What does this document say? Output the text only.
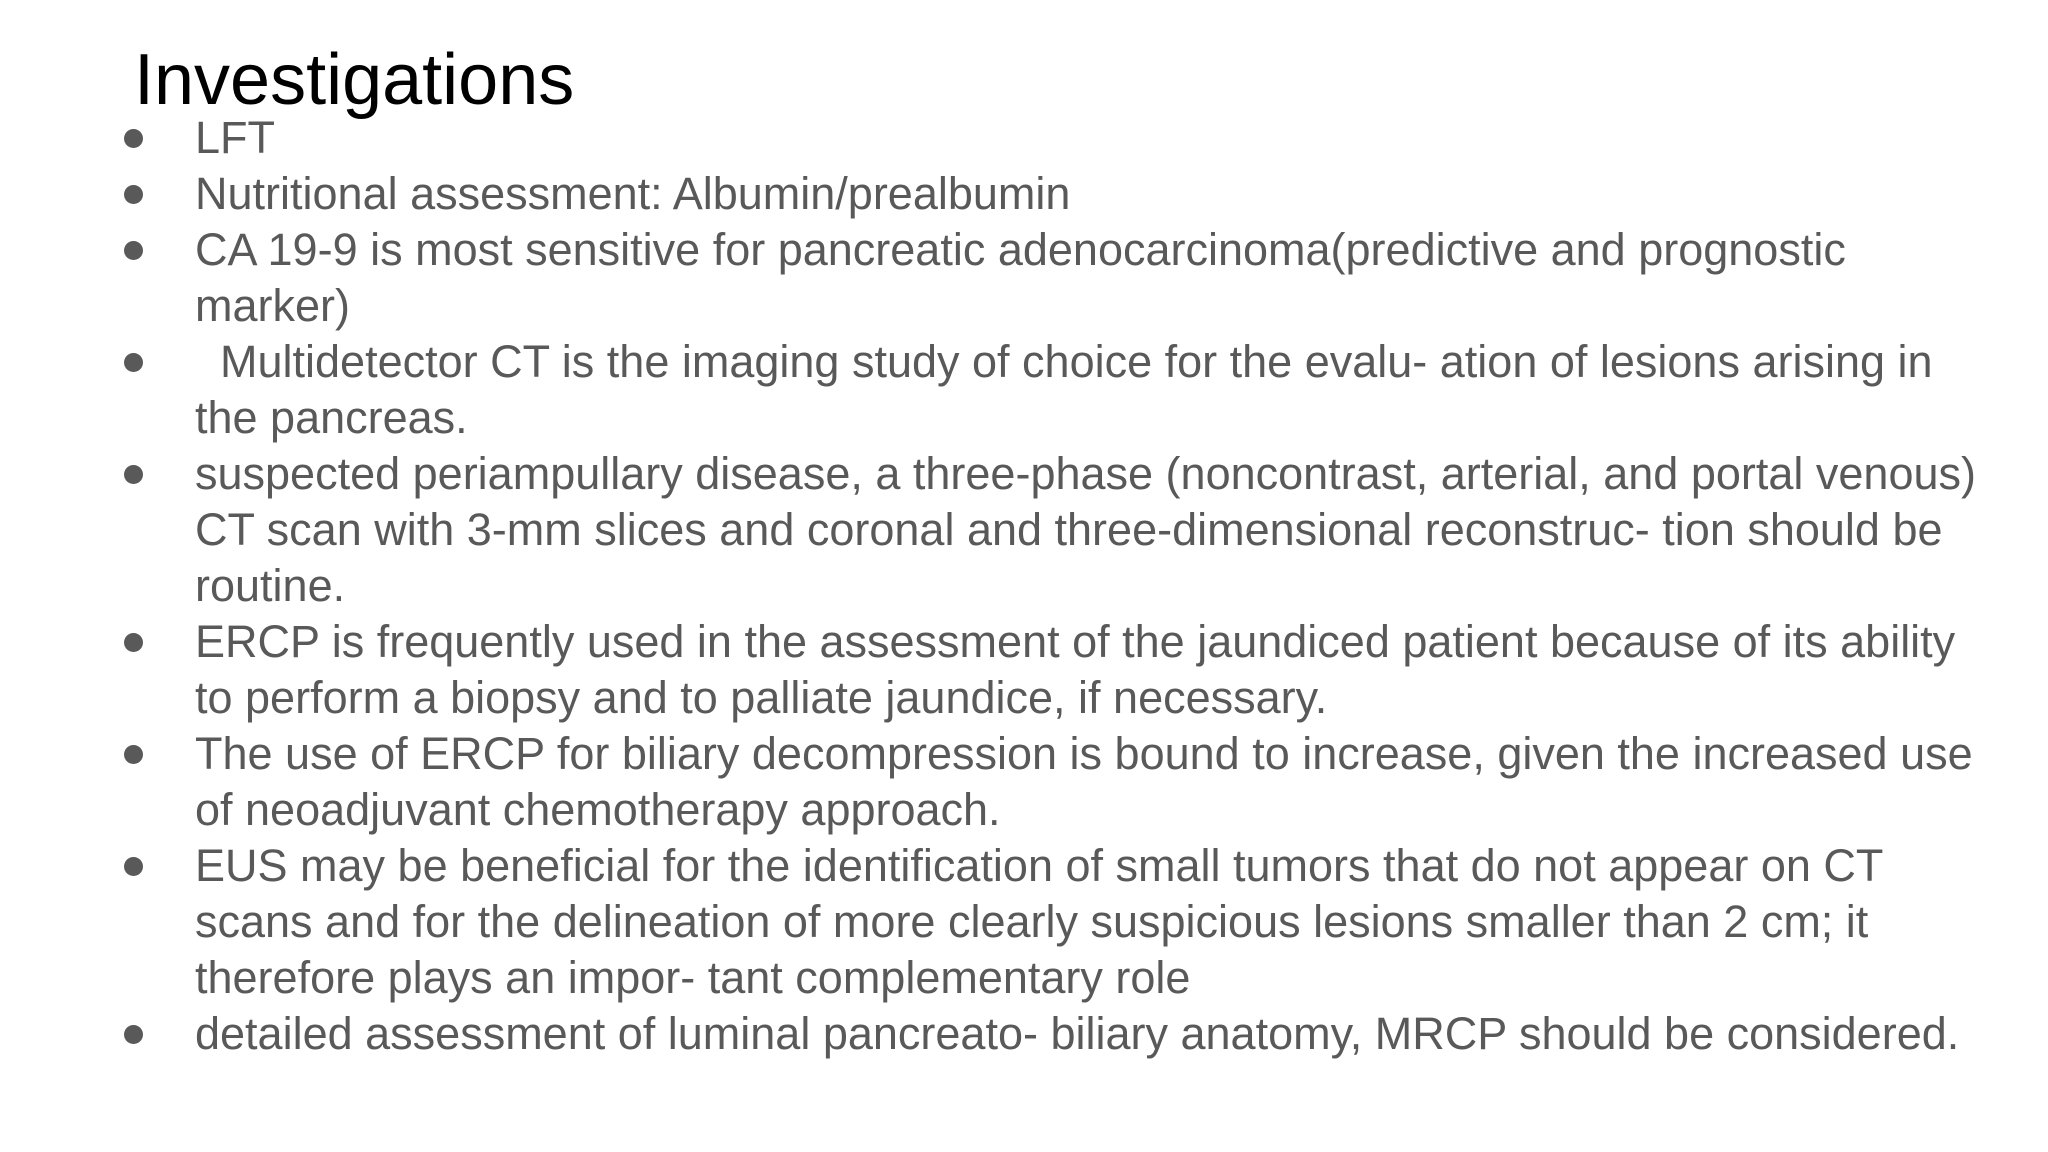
Investigations
LFT
Nutritional assessment: Albumin/prealbumin
CA 19-9 is most sensitive for pancreatic adenocarcinoma(predictive and prognostic marker)
Multidetector CT is the imaging study of choice for the evalu- ation of lesions arising in the pancreas.
suspected periampullary disease, a three-phase (noncontrast, arterial, and portal venous) CT scan with 3-mm slices and coronal and three-dimensional reconstruc- tion should be routine.
ERCP is frequently used in the assessment of the jaundiced patient because of its ability to perform a biopsy and to palliate jaundice, if necessary.
The use of ERCP for biliary decompression is bound to increase, given the increased use of neoadjuvant chemotherapy approach.
EUS may be beneficial for the identification of small tumors that do not appear on CT scans and for the delineation of more clearly suspicious lesions smaller than 2 cm; it therefore plays an impor- tant complementary role
detailed assessment of luminal pancreato- biliary anatomy, MRCP should be considered.
